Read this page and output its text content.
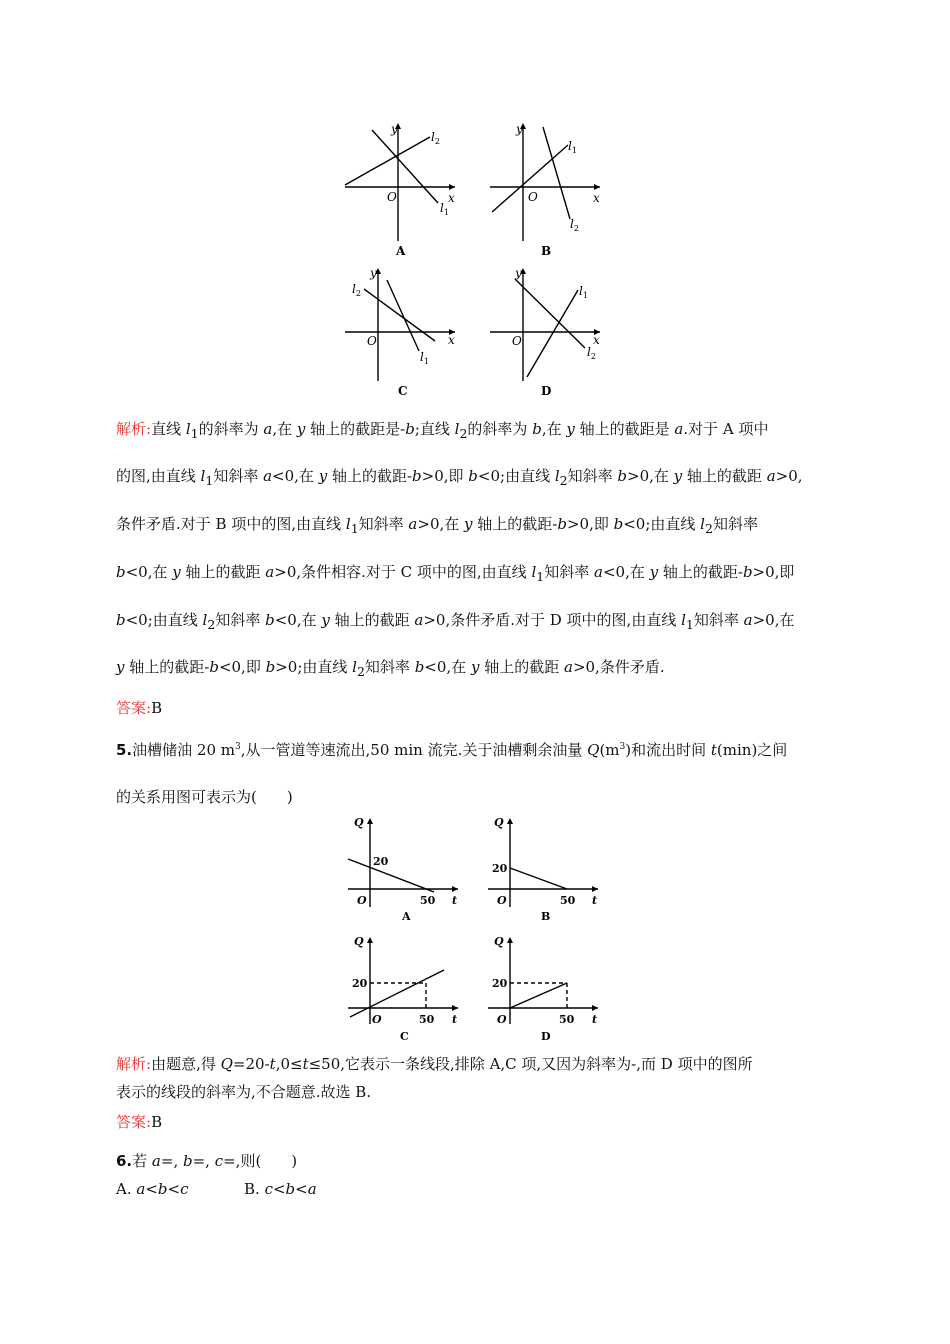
x
y
O
$l_2$
$l_1$
A
x
y
O
$l_1$
$l_2$
B
x
y
O
$l_2$
$l_1$
C
x
y
O
$l_1$
$l_2$
D
解析:直线 $l_1$的斜率为 a,在 y 轴上的截距是-b;直线 $l_2$的斜率为 b,在 y 轴上的截距是 a.对于 A 项中
的图,由直线 $l_1$知斜率 a<0,在 y 轴上的截距-b>0,即 b<0;由直线 $l_2$知斜率 b>0,在 y 轴上的截距 a>0,
条件矛盾.对于 B 项中的图,由直线 $l_1$知斜率 a>0,在 y 轴上的截距-b>0,即 b<0;由直线 $l_2$知斜率
b<0,在 y 轴上的截距 a>0,条件相容.对于 C 项中的图,由直线 $l_1$知斜率 a<0,在 y 轴上的截距-b>0,即
b<0;由直线 $l_2$知斜率 b<0,在 y 轴上的截距 a>0,条件矛盾.对于 D 项中的图,由直线 $l_1$知斜率 a>0,在
y 轴上的截距-b<0,即 b>0;由直线 $l_2$知斜率 b<0,在 y 轴上的截距 a>0,条件矛盾.
答案:B
5.油槽储油 20 $m^3$,从一管道等速流出,50 min 流完.关于油槽剩余油量 $Q(m^3)$和流出时间 t(min)之间
的关系用图可表示为(　　)
Q
t
O
20
50
A
Q
t
O
20
50
B
Q
t
O
20
50
C
Q
t
O
20
50
D
解析:由题意,得 Q=20-t,0≤t≤50,它表示一条线段,排除 A,C 项,又因为斜率为-,而 D 项中的图所
表示的线段的斜率为,不合题意.故选 B.
答案:B
6.若 a=, b=, c=,则(　　)
A. a<b<c	B. c<b<a
